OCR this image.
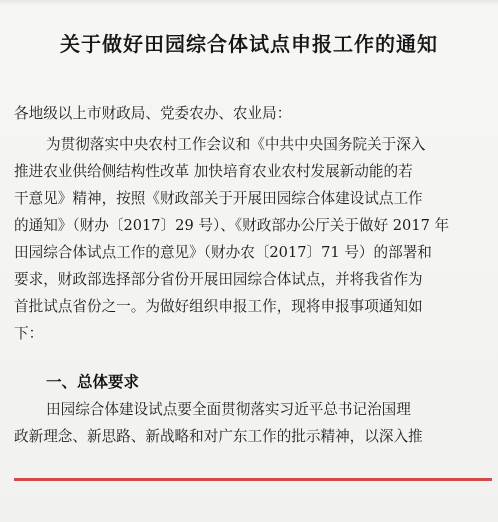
关于做好田园综合体试点申报工作的通知
各地级以上市财政局、党委农办、农业局：
为贯彻落实中央农村工作会议和《中共中央国务院关于深入
推进农业供给侧结构性改革 加快培育农业农村发展新动能的若
干意见》精神，按照《财政部关于开展田园综合体建设试点工作
的通知》（财办〔2017〕29 号）、《财政部办公厅关于做好 2017 年
田园综合体试点工作的意见》（财办农〔2017〕71 号）的部署和
要求，财政部选择部分省份开展田园综合体试点，并将我省作为
首批试点省份之一。为做好组织申报工作，现将申报事项通知如
下：
一、总体要求
田园综合体建设试点要全面贯彻落实习近平总书记治国理
政新理念、新思路、新战略和对广东工作的批示精神，以深入推
